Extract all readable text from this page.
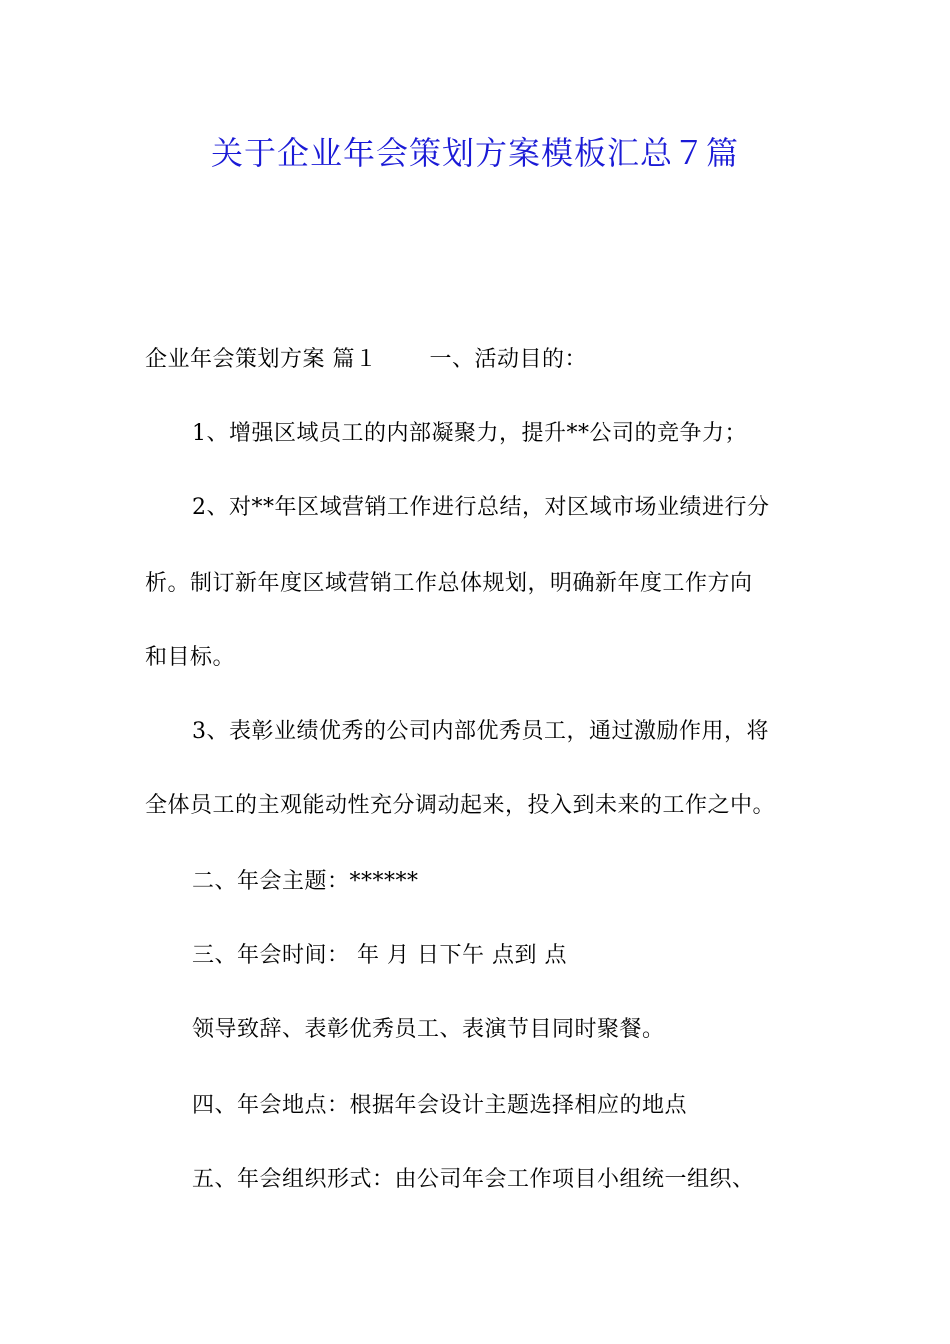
关于企业年会策划方案模板汇总７篇
企业年会策划方案 篇１ 一、活动目的：
1、增强区域员工的内部凝聚力，提升**公司的竞争力；
2、对**年区域营销工作进行总结，对区域市场业绩进行分
析。制订新年度区域营销工作总体规划，明确新年度工作方向
和目标。
3、表彰业绩优秀的公司内部优秀员工，通过激励作用，将
全体员工的主观能动性充分调动起来，投入到未来的工作之中。
二、年会主题：******
三、年会时间： 年 月 日下午 点到 点
领导致辞、表彰优秀员工、表演节目同时聚餐。
四、年会地点：根据年会设计主题选择相应的地点
五、年会组织形式：由公司年会工作项目小组统一组织、
